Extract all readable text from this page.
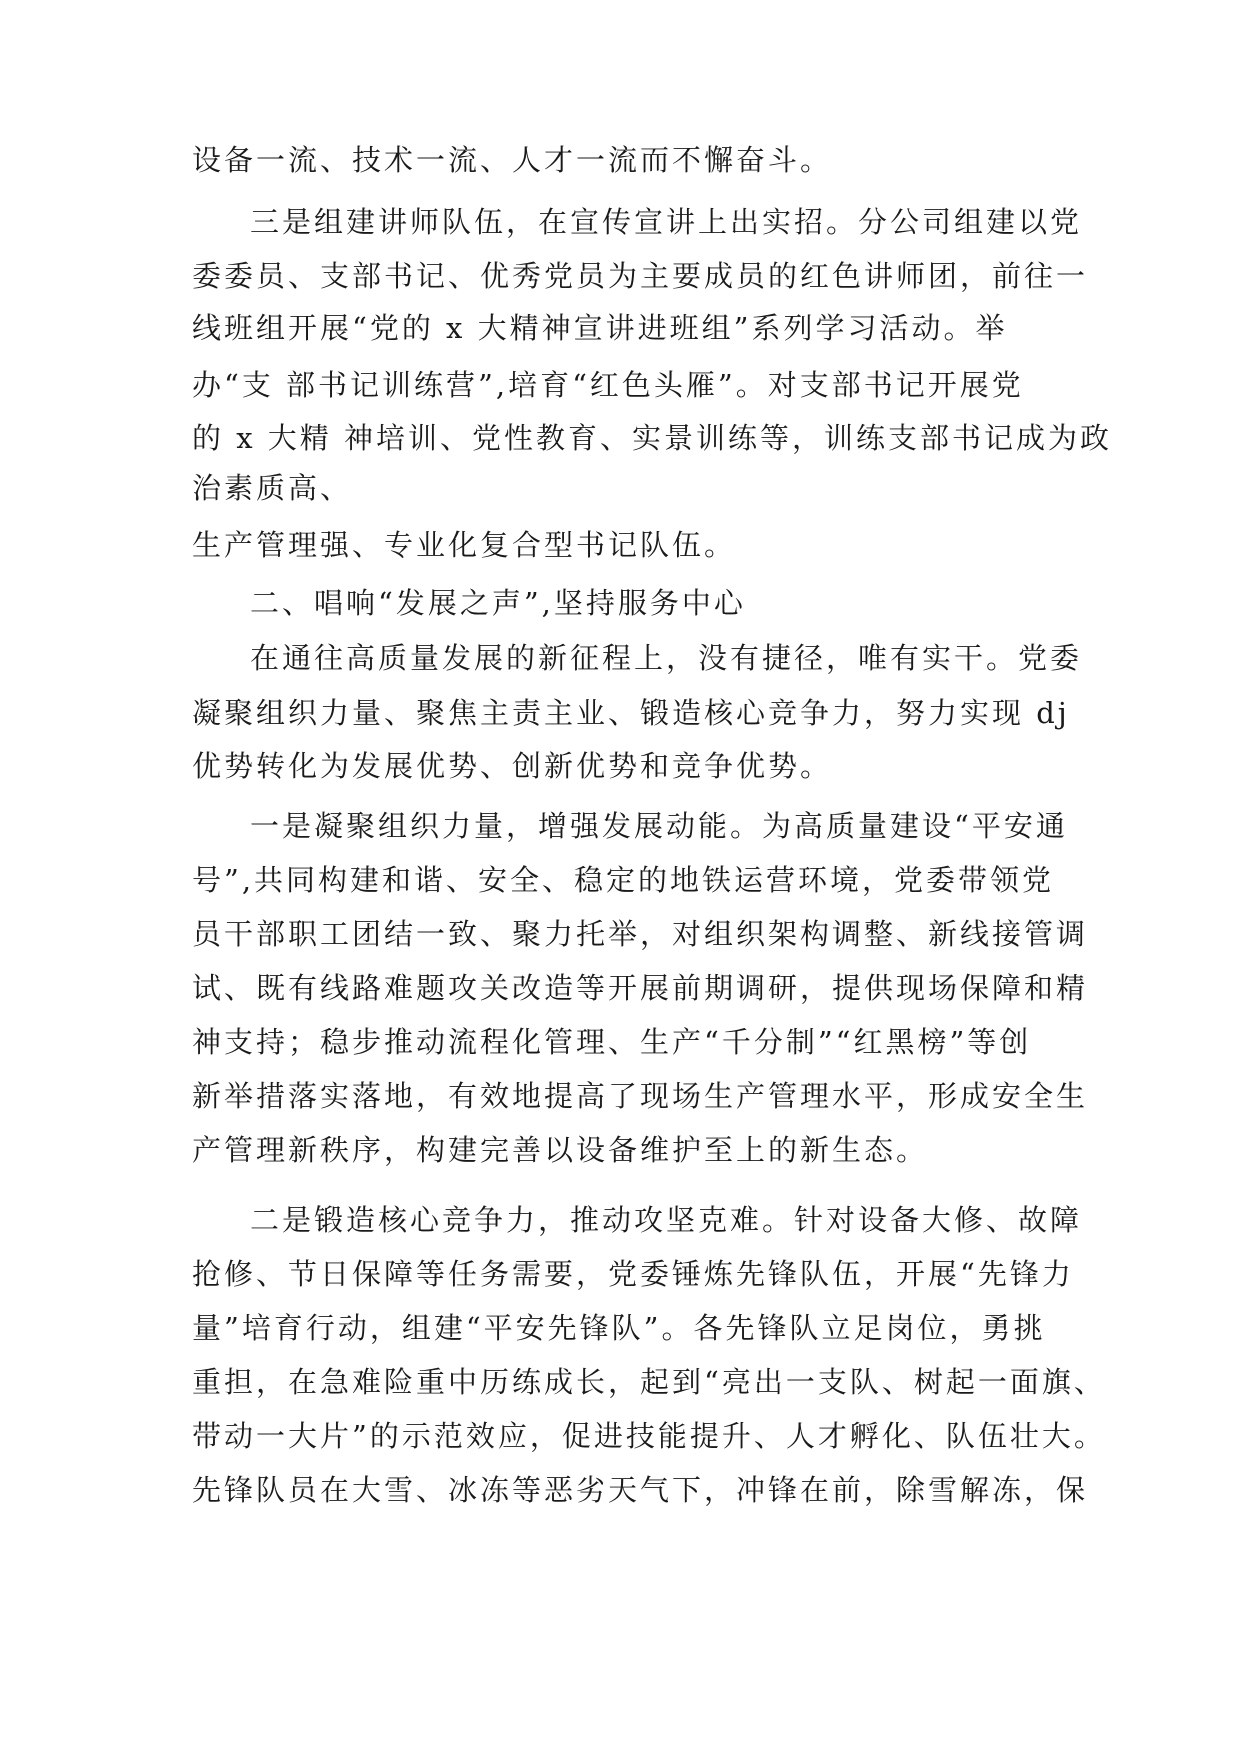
设备一流、技术一流、人才一流而不懈奋斗。
三是组建讲师队伍，在宣传宣讲上出实招。分公司组建以党
委委员、支部书记、优秀党员为主要成员的红色讲师团，前往一
线班组开展“党的 x 大精神宣讲进班组”系列学习活动。举
办“支 部书记训练营”,培育“红色头雁”。对支部书记开展党
的 x 大精 神培训、党性教育、实景训练等，训练支部书记成为政
治素质高、
生产管理强、专业化复合型书记队伍。
二、唱响“发展之声”,坚持服务中心
在通往高质量发展的新征程上，没有捷径，唯有实干。党委
凝聚组织力量、聚焦主责主业、锻造核心竞争力，努力实现 dj
优势转化为发展优势、创新优势和竞争优势。
一是凝聚组织力量，增强发展动能。为高质量建设“平安通
号”,共同构建和谐、安全、稳定的地铁运营环境，党委带领党
员干部职工团结一致、聚力托举，对组织架构调整、新线接管调
试、既有线路难题攻关改造等开展前期调研，提供现场保障和精
神支持；稳步推动流程化管理、生产“千分制”“红黑榜”等创
新举措落实落地，有效地提高了现场生产管理水平，形成安全生
产管理新秩序，构建完善以设备维护至上的新生态。
二是锻造核心竞争力，推动攻坚克难。针对设备大修、故障
抢修、节日保障等任务需要，党委锤炼先锋队伍，开展“先锋力
量”培育行动，组建“平安先锋队”。各先锋队立足岗位，勇挑
重担，在急难险重中历练成长，起到“亮出一支队、树起一面旗、
带动一大片”的示范效应，促进技能提升、人才孵化、队伍壮大。
先锋队员在大雪、冰冻等恶劣天气下，冲锋在前，除雪解冻，保
